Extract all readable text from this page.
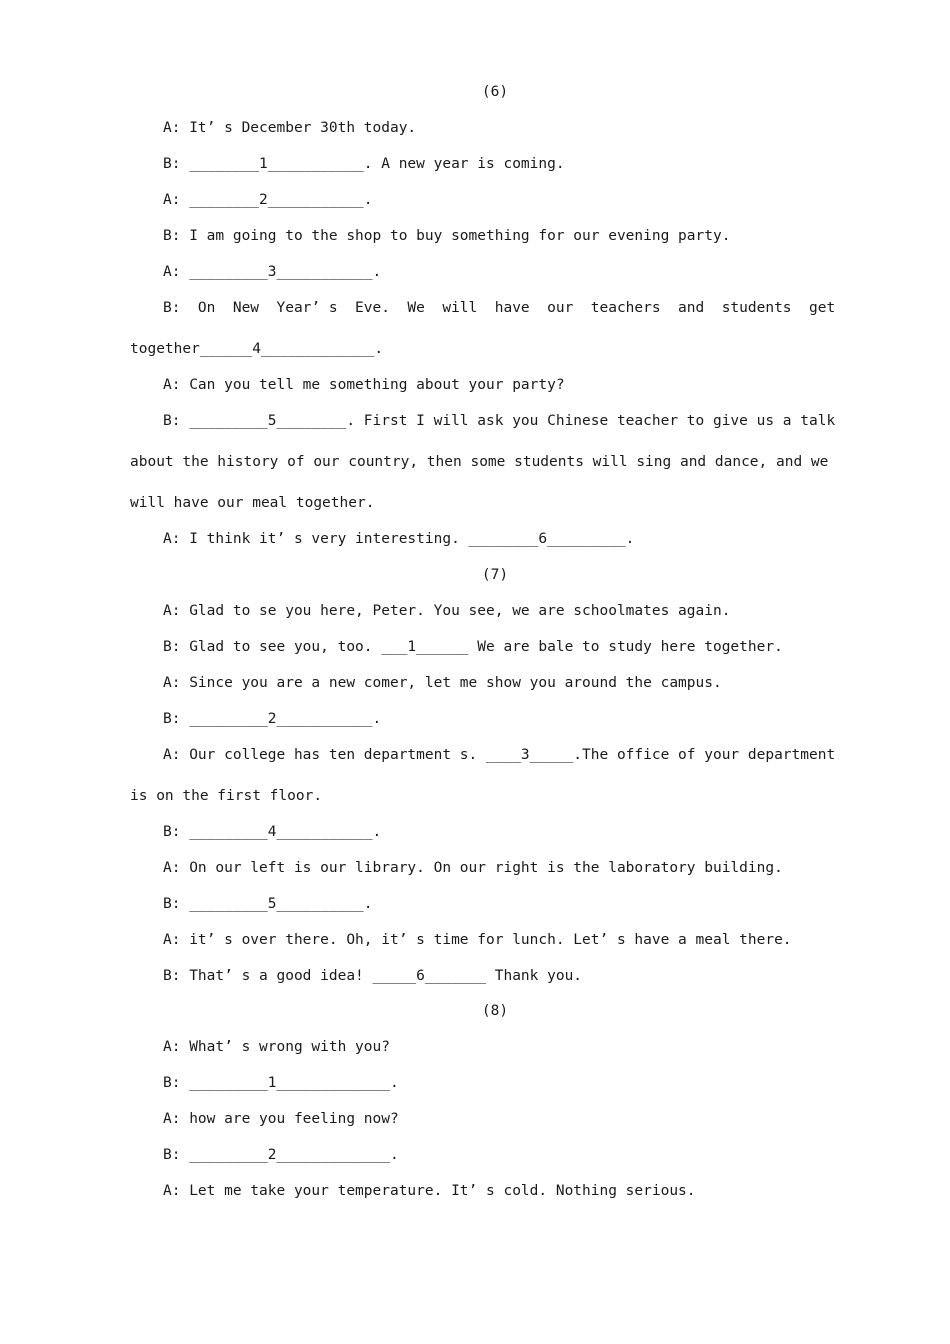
(6)

A: It’ s December 30th today.

B: ________1___________. A new year is coming.

A: ________2___________.

B: I am going to the shop to buy something for our evening party.

A: _________3___________.

B:  On  New  Year’ s  Eve.  We  will  have  our  teachers  and  students  get

together______4_____________.

A: Can you tell me something about your party?

B: _________5________. First I will ask you Chinese teacher to give us a talk

about the history of our country, then some students will sing and dance, and we

will have our meal together.

A: I think it’ s very interesting. ________6_________.

(7)

A: Glad to se you here, Peter. You see, we are schoolmates again.

B: Glad to see you, too. ___1______ We are bale to study here together.

A: Since you are a new comer, let me show you around the campus.

B: _________2___________.

A: Our college has ten department s. ____3_____.The office of your department

is on the first floor.

B: _________4___________.

A: On our left is our library. On our right is the laboratory building.

B: _________5__________.

A: it’ s over there. Oh, it’ s time for lunch. Let’ s have a meal there.

B: That’ s a good idea! _____6_______ Thank you.

(8)

A: What’ s wrong with you?

B: _________1_____________.

A: how are you feeling now?

B: _________2_____________.

A: Let me take your temperature. It’ s cold. Nothing serious.
